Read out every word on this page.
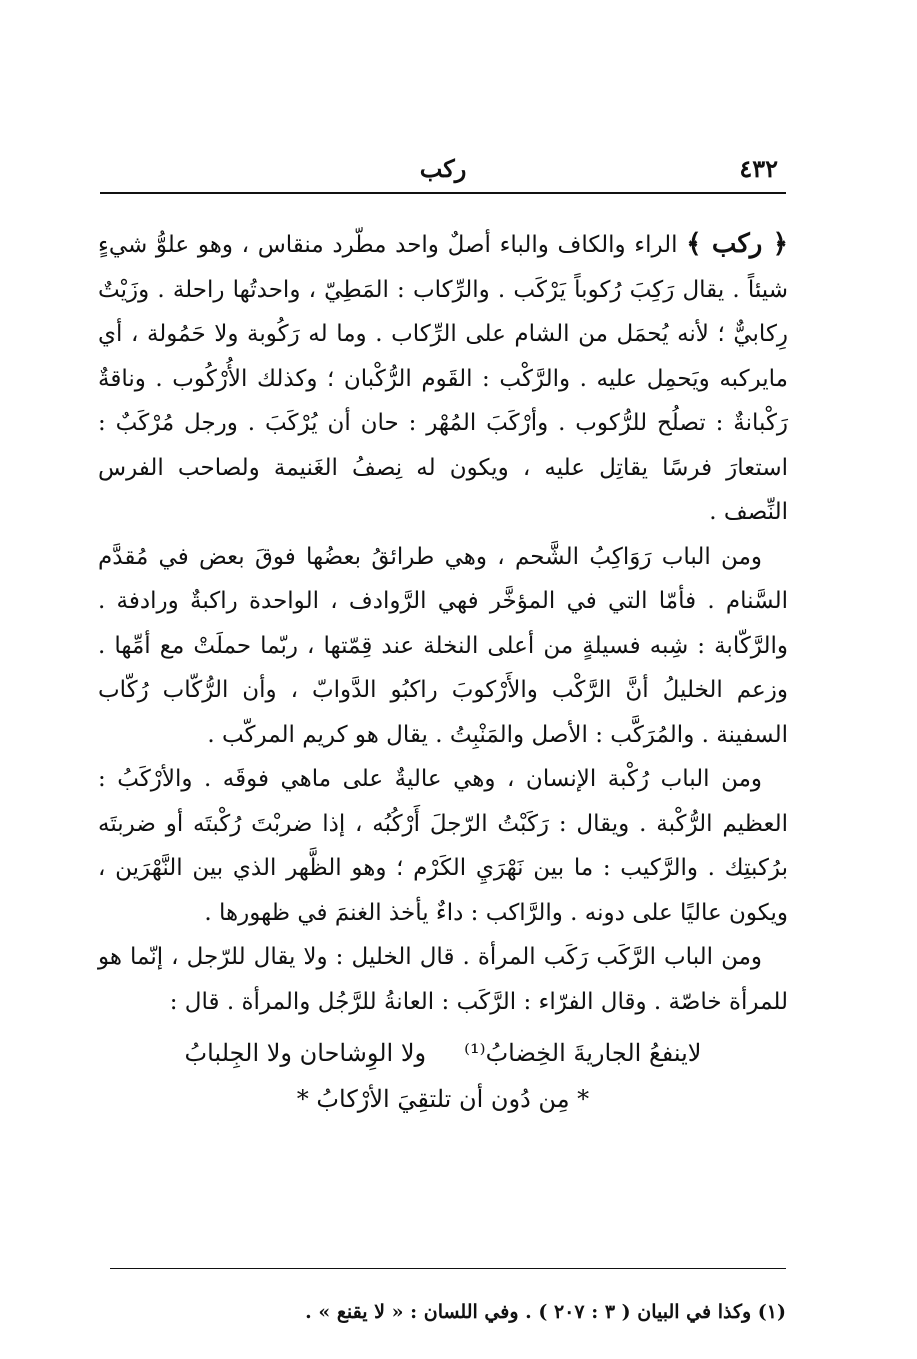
٤٣٢
ركب

﴿ ركب ﴾ الراء والكاف والباء أصلٌ واحد مطّرد منقاس ، وهو علوُّ شيءٍ شيئاً . يقال رَكِبَ رُكوباً يَرْكَب . والرِّكاب : المَطِيّ ، واحدتُها راحلة . وزَيْتٌ رِكابيٌّ ؛ لأنه يُحمَل من الشام على الرِّكاب . وما له رَكُوبة ولا حَمُولة ، أي مايركبه ويَحمِل عليه . والرَّكْب : القَوم الرُّكْبان ؛ وكذلك الأُرْكُوب . وناقةٌ رَكْبانةٌ : تصلُح للرُّكوب . وأرْكَبَ المُهْر : حان أن يُرْكَبَ . ورجل مُرْكَبٌ : استعارَ فرسًا يقاتِل عليه ، ويكون له نِصفُ الغَنيمة ولصاحب الفرس النِّصف .

ومن الباب رَوَاكِبُ الشَّحم ، وهي طرائقُ بعضُها فوقَ بعض في مُقدَّم السَّنام . فأمّا التي في المؤخَّر فهي الرَّوادف ، الواحدة راكبةٌ ورادفة . والرَّكّابة : شِبه فسيلةٍ من أعلى النخلة عند قِمّتها ، ربّما حملَتْ مع أمِّها . وزعم الخليلُ أنَّ الرَّكْب والأَرْكوبَ راكبُو الدَّوابّ ، وأن الرُّكّاب رُكّاب السفينة . والمُرَكَّب : الأصل والمَنْبِتُ . يقال هو كريم المركّب .

ومن الباب رُكْبة الإنسان ، وهي عاليةٌ على ماهي فوقَه . والأرْكَبُ : العظيم الرُّكْبة . ويقال : رَكَبْتُ الرّجلَ أَرْكُبُه ، إذا ضربْتَ رُكْبتَه أو ضربتَه برُكبتِك . والرَّكيب : ما بين نَهْرَيِ الكَرْم ؛ وهو الظَّهر الذي بين النَّهْرَين ، ويكون عاليًا على دونه . والرَّاكب : داءٌ يأخذ الغنمَ في ظهورها .

ومن الباب الرَّكَب رَكَب المرأة . قال الخليل : ولا يقال للرّجل ، إنّما هو للمرأة خاصّة . وقال الفرّاء : الرَّكَب : العانةُ للرَّجُل والمرأة . قال :

لاينفعُ الجاريةَ الخِضابُ⁽¹⁾
ولا الوِشاحان ولا الجِلبابُ

* مِن دُون أن تلتقِيَ الأرْكابُ *

(١) وكذا في البيان ( ٣ : ٢٠٧ ) . وفي اللسان : « لا يقنع » .
